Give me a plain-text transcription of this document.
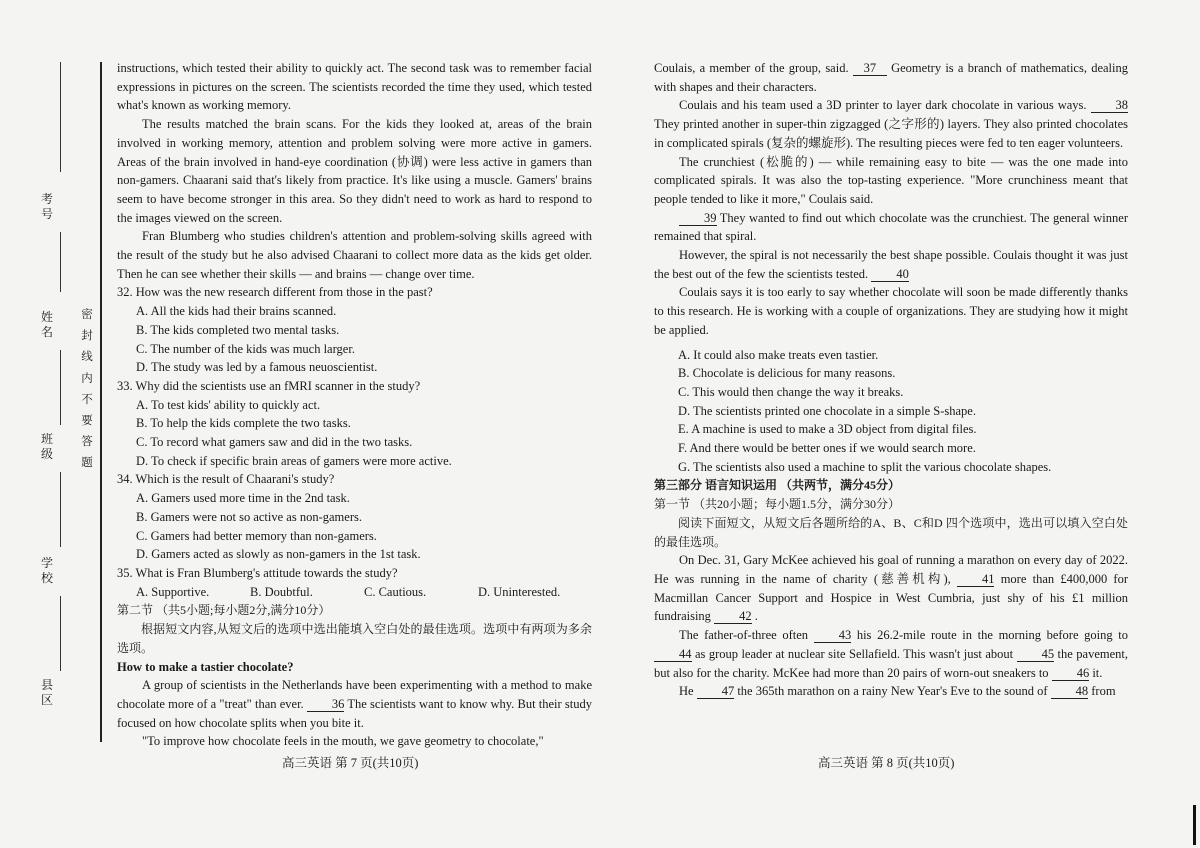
考号
姓名
班级
学校
县区
密封线内不要答题

instructions, which tested their ability to quickly act. The second task was to remember facial expressions in pictures on the screen. The scientists recorded the time they used, which tested what's known as working memory.

The results matched the brain scans. For the kids they looked at, areas of the brain involved in working memory, attention and problem solving were more active in gamers. Areas of the brain involved in hand-eye coordination (协调) were less active in gamers than non-gamers. Chaarani said that's likely from practice. It's like using a muscle. Gamers' brains seem to have become stronger in this area. So they didn't need to work as hard to respond to the images viewed on the screen.

Fran Blumberg who studies children's attention and problem-solving skills agreed with the result of the study but he also advised Chaarani to collect more data as the kids get older. Then he can see whether their skills — and brains — change over time.

32. How was the new research different from those in the past?

A. All the kids had their brains scanned.

B. The kids completed two mental tasks.

C. The number of the kids was much larger.

D. The study was led by a famous neuoscientist.

33. Why did the scientists use an fMRI scanner in the study?

A. To test kids' ability to quickly act.

B. To help the kids complete the two tasks.

C. To record what gamers saw and did in the two tasks.

D. To check if specific brain areas of gamers were more active.

34. Which is the result of Chaarani's study?

A. Gamers used more time in the 2nd task.

B. Gamers were not so active as non-gamers.

C. Gamers had better memory than non-gamers.

D. Gamers acted as slowly as non-gamers in the 1st task.

35. What is Fran Blumberg's attitude towards the study?

A. Supportive.	B. Doubtful.	C. Cautious.	D. Uninterested.

第二节 （共5小题;每小题2分,满分10分）

根据短文内容,从短文后的选项中选出能填入空白处的最佳选项。选项中有两项为多余选项。

How to make a tastier chocolate?

A group of scientists in the Netherlands have been experimenting with a method to make chocolate more of a "treat" than ever. 36 The scientists want to know why. But their study focused on how chocolate splits when you bite it.

"To improve how chocolate feels in the mouth, we gave geometry to chocolate,"

Coulais, a member of the group, said. 37 Geometry is a branch of mathematics, dealing with shapes and their characters.

Coulais and his team used a 3D printer to layer dark chocolate in various ways. 38 They printed another in super-thin zigzagged (之字形的) layers. They also printed chocolates in complicated spirals (复杂的螺旋形). The resulting pieces were fed to ten eager volunteers.

The crunchiest (松脆的) — while remaining easy to bite — was the one made into complicated spirals. It was also the top-tasting experience. "More crunchiness meant that people tended to like it more," Coulais said.

39 They wanted to find out which chocolate was the crunchiest. The general winner remained that spiral.

However, the spiral is not necessarily the best shape possible. Coulais thought it was just the best out of the few the scientists tested. 40

Coulais says it is too early to say whether chocolate will soon be made differently thanks to this research. He is working with a couple of organizations. They are studying how it might be applied.

A. It could also make treats even tastier.

B. Chocolate is delicious for many reasons.

C. This would then change the way it breaks.

D. The scientists printed one chocolate in a simple S-shape.

E. A machine is used to make a 3D object from digital files.

F. And there would be better ones if we would search more.

G. The scientists also used a machine to split the various chocolate shapes.

第三部分 语言知识运用 （共两节，满分45分）

第一节 （共20小题；每小题1.5分，满分30分）

阅读下面短文，从短文后各题所给的A、B、C和D 四个选项中，选出可以填入空白处的最佳选项。

On Dec. 31, Gary McKee achieved his goal of running a marathon on every day of 2022. He was running in the name of charity (慈善机构), 41 more than £400,000 for Macmillan Cancer Support and Hospice in West Cumbria, just shy of his £1 million fundraising 42 .

The father-of-three often 43 his 26.2-mile route in the morning before going to 44 as group leader at nuclear site Sellafield. This wasn't just about 45 the pavement, but also for the charity. McKee had more than 20 pairs of worn-out sneakers to 46 it.

He 47 the 365th marathon on a rainy New Year's Eve to the sound of 48 from

高三英语 第 7 页(共10页)	高三英语 第 8 页(共10页)
